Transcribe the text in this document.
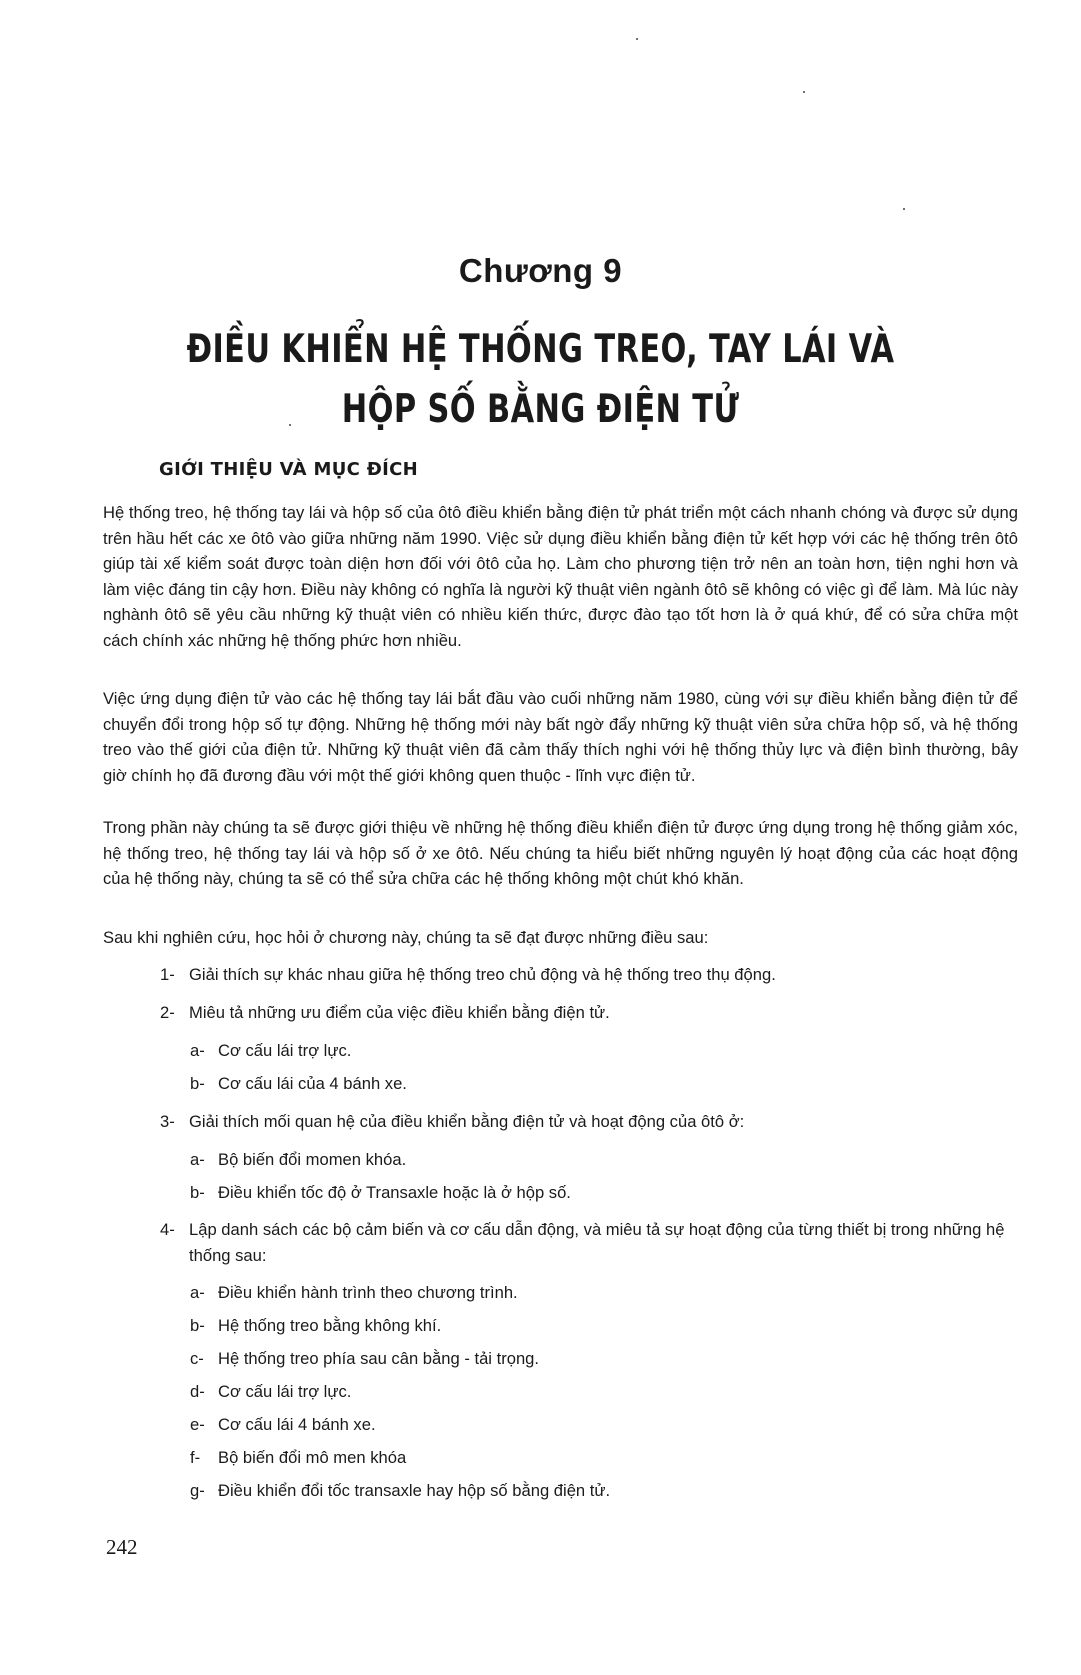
Chương 9
ĐIỀU KHIỂN HỆ THỐNG TREO, TAY LÁI VÀ
HỘP SỐ BẰNG ĐIỆN TỬ
GIỚI THIỆU VÀ MỤC ĐÍCH

Hệ thống treo, hệ thống tay lái và hộp số của ôtô điều khiển bằng điện tử phát triển một cách nhanh chóng và được sử dụng trên hầu hết các xe ôtô vào giữa những năm 1990. Việc sử dụng điều khiển bằng điện tử kết hợp với các hệ thống trên ôtô giúp tài xế kiểm soát được toàn diện hơn đối với ôtô của họ. Làm cho phương tiện trở nên an toàn hơn, tiện nghi hơn và làm việc đáng tin cậy hơn. Điều này không có nghĩa là người kỹ thuật viên ngành ôtô sẽ không có việc gì để làm. Mà lúc này nghành ôtô sẽ yêu cầu những kỹ thuật viên có nhiều kiến thức, được đào tạo tốt hơn là ở quá khứ, để có sửa chữa một cách chính xác những hệ thống phức hơn nhiều.

Việc ứng dụng điện tử vào các hệ thống tay lái bắt đầu vào cuối những năm 1980, cùng với sự điều khiển bằng điện tử để chuyển đổi trong hộp số tự động. Những hệ thống mới này bất ngờ đẩy những kỹ thuật viên sửa chữa hộp số, và hệ thống treo vào thế giới của điện tử. Những kỹ thuật viên đã cảm thấy thích nghi với hệ thống thủy lực và điện bình thường, bây giờ chính họ đã đương đầu với một thế giới không quen thuộc - lĩnh vực điện tử.

Trong phần này chúng ta sẽ được giới thiệu về những hệ thống điều khiển điện tử được ứng dụng trong hệ thống giảm xóc, hệ thống treo, hệ thống tay lái và hộp số ở xe ôtô. Nếu chúng ta hiểu biết những nguyên lý hoạt động của các hoạt động của hệ thống này, chúng ta sẽ có thể sửa chữa các hệ thống không một chút khó khăn.

Sau khi nghiên cứu, học hỏi ở chương này, chúng ta sẽ đạt được những điều sau:

1- Giải thích sự khác nhau giữa hệ thống treo chủ động và hệ thống treo thụ động.
2- Miêu tả những ưu điểm của việc điều khiển bằng điện tử.
a- Cơ cấu lái trợ lực.
b- Cơ cấu lái của 4 bánh xe.
3- Giải thích mối quan hệ của điều khiển bằng điện tử và hoạt động của ôtô ở:
a- Bộ biến đổi momen khóa.
b- Điều khiển tốc độ ở Transaxle hoặc là ở hộp số.
4- Lập danh sách các bộ cảm biến và cơ cấu dẫn động, và miêu tả sự hoạt động của từng thiết bị trong những hệ thống sau:
a- Điều khiển hành trình theo chương trình.
b- Hệ thống treo bằng không khí.
c- Hệ thống treo phía sau cân bằng - tải trọng.
d- Cơ cấu lái trợ lực.
e- Cơ cấu lái 4 bánh xe.
f-	Bộ biến đổi mô men khóa
g- Điều khiển đổi tốc transaxle hay hộp số bằng điện tử.
242
